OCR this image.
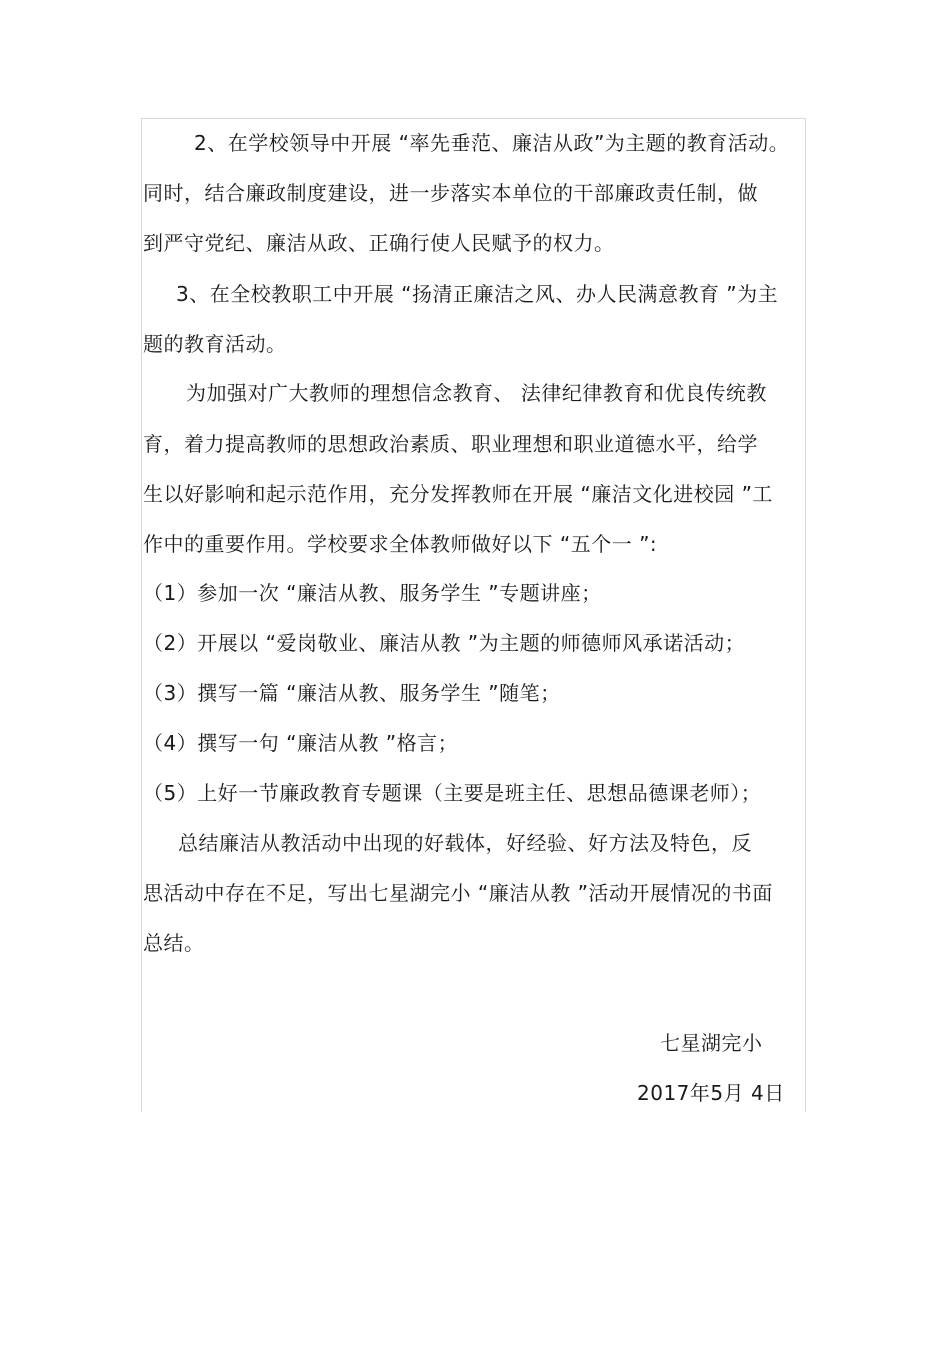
2、在学校领导中开展 “率先垂范、廉洁从政”为主题的教育活动。
同时，结合廉政制度建设，进一步落实本单位的干部廉政责任制，做
到严守党纪、廉洁从政、正确行使人民赋予的权力。
3、在全校教职工中开展 “扬清正廉洁之风、办人民满意教育 ”为主
题的教育活动。
为加强对广大教师的理想信念教育、 法律纪律教育和优良传统教
育，着力提高教师的思想政治素质、职业理想和职业道德水平，给学
生以好影响和起示范作用，充分发挥教师在开展 “廉洁文化进校园 ”工
作中的重要作用。学校要求全体教师做好以下 “五个一 ”:
（1）参加一次 “廉洁从教、服务学生 ”专题讲座；
（2）开展以 “爱岗敬业、廉洁从教 ”为主题的师德师风承诺活动；
（3）撰写一篇 “廉洁从教、服务学生 ”随笔；
（4）撰写一句 “廉洁从教 ”格言；
（5）上好一节廉政教育专题课（主要是班主任、思想品德课老师）；
总结廉洁从教活动中出现的好载体，好经验、好方法及特色，反
思活动中存在不足，写出七星湖完小 “廉洁从教 ”活动开展情况的书面
总结。
七星湖完小
2017年5月 4日
